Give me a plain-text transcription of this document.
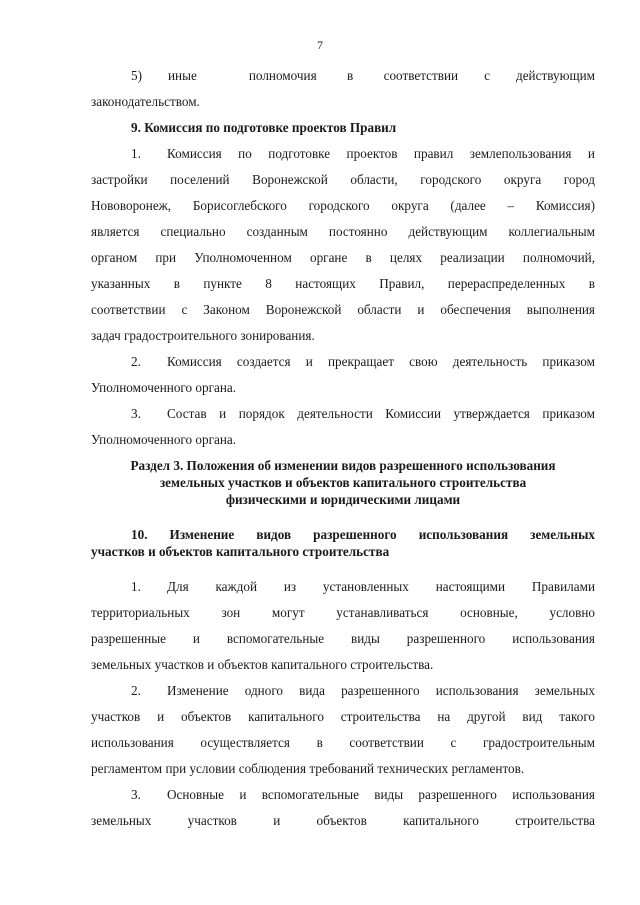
7
5)      иные            полномочия       в       соответствии      с      действующим
законодательством.
9. Комиссия по подготовке проектов Правил
1. Комиссия по подготовке проектов правил землепользования и
застройки поселений Воронежской области, городского округа город
Нововоронеж, Борисоглебского городского округа (далее – Комиссия)
является специально созданным постоянно действующим коллегиальным
органом при Уполномоченном органе в целях реализации полномочий,
указанных в пункте 8 настоящих Правил, перераспределенных в
соответствии с Законом Воронежской области и обеспечения выполнения
задач градостроительного зонирования.
2. Комиссия создается и прекращает свою деятельность приказом
Уполномоченного органа.
3. Состав и порядок деятельности Комиссии утверждается приказом
Уполномоченного органа.
Раздел 3. Положения об изменении видов разрешенного использования
земельных участков и объектов капитального строительства
физическими и юридическими лицами
10. Изменение видов разрешенного использования земельных
участков и объектов капитального строительства
1. Для каждой из установленных настоящими Правилами
территориальных зон могут устанавливаться основные, условно
разрешенные и вспомогательные виды разрешенного использования
земельных участков и объектов капитального строительства.
2. Изменение одного вида разрешенного использования земельных
участков и объектов капитального строительства на другой вид такого
использования осуществляется в соответствии с градостроительным
регламентом при условии соблюдения требований технических регламентов.
3. Основные и вспомогательные виды разрешенного использования
земельных участков и объектов капитального строительства
